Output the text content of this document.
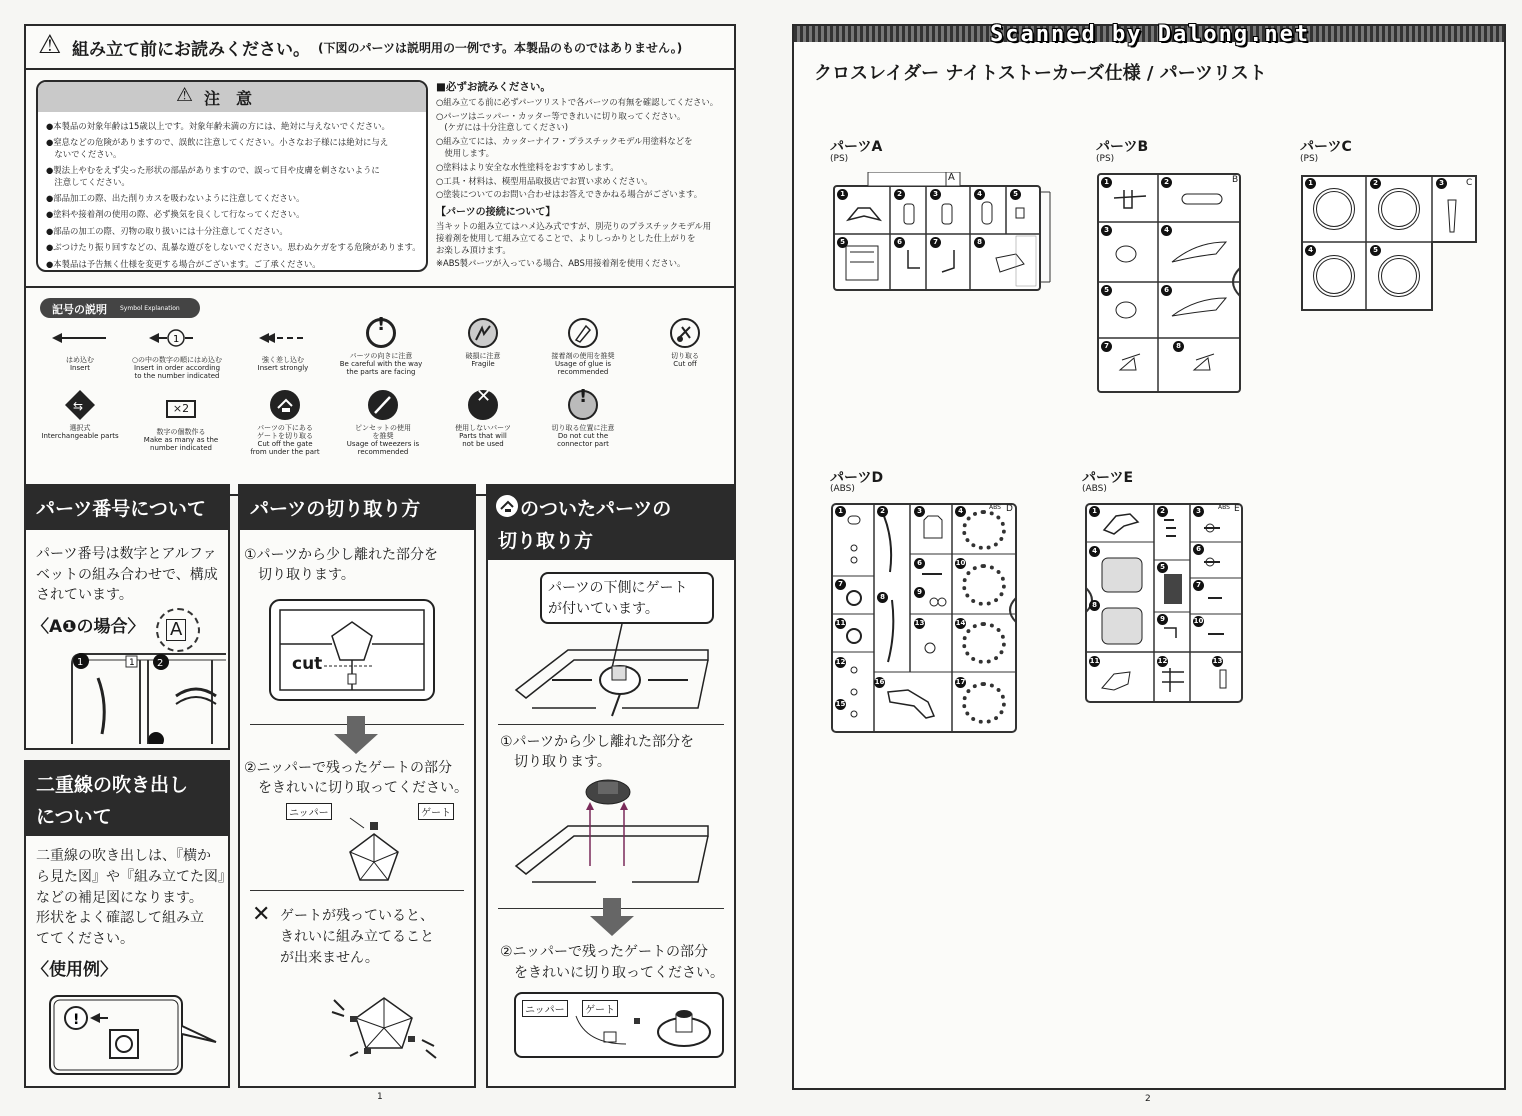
⚠ 組み立て前にお読みください。 (下図のパーツは説明用の一例です。本製品のものではありません。)
⚠ 注　意
●本製品の対象年齢は15歳以上です。対象年齢未満の方には、絶対に与えないでください。
●窒息などの危険がありますので、誤飲に注意してください。小さなお子様には絶対に与え
　ないでください。
●製法上やむをえず尖った形状の部品がありますので、誤って目や皮膚を刺さないように
　注意してください。
●部品加工の際、出た削りカスを吸わないように注意してください。
●塗料や接着剤の使用の際、必ず換気を良くして行なってください。
●部品の加工の際、刃物の取り扱いには十分注意してください。
●ぶつけたり振り回すなどの、乱暴な遊びをしないでください。思わぬケガをする危険があります。
●本製品は予告無く仕様を変更する場合がございます。ご了承ください。
■必ずお読みください。
○組み立てる前に必ずパーツリストで各パーツの有無を確認してください。
○パーツはニッパー・カッター等できれいに切り取ってください。
　(ケガには十分注意してください)
○組み立てには、カッターナイフ・プラスチックモデル用塗料などを
　使用します。
○塗料はより安全な水性塗料をおすすめします。
○工具・材料は、模型用品取扱店でお買い求めください。
○塗装についてのお問い合わせはお答えできかねる場合がございます。
【パーツの接続について】
当キットの組み立てはハメ込み式ですが、別売りのプラスチックモデル用
接着剤を使用して組み立てることで、よりしっかりとした仕上がりを
お楽しみ頂けます。
※ABS製パーツが入っている場合、ABS用接着剤を使用ください。
記号の説明 Symbol Explanation
はめ込む
Insert
1
○の中の数字の順にはめ込む
Insert in order according to the number indicated
強く差し込む
Insert strongly
!
パーツの向きに注意
Be careful with the way the parts are facing
破損に注意
Fragile
接着剤の使用を推奨
Usage of glue is recommended
切り取る
Cut off
⇆
選択式
Interchangeable parts
×2
数字の個数作る
Make as many as the number indicated
パーツの下にあるゲートを切り取る
Cut off the gate from under the part
ピンセットの使用を推奨
Usage of tweezers is recommended
✕
使用しないパーツ
Parts that will not be used
!
切り取る位置に注意
Do not cut the connector part
パーツ番号について
パーツ番号は数字とアルファ
ベットの組み合わせで、構成
されています。
〈A❶の場合〉 A
1	1 2
二重線の吹き出し
について
二重線の吹き出しは、『横か
ら見た図』や『組み立てた図』
などの補足図になります。
形状をよく確認して組み立
ててください。
〈使用例〉
!
パーツの切り取り方
①パーツから少し離れた部分を
　切り取ります。
cut
②ニッパーで残ったゲートの部分
　をきれいに切り取ってください。
ニッパー	ゲート
✕ ゲートが残っていると、
きれいに組み立てること
が出来ません。
のついたパーツの
切り取り方
パーツの下側にゲート
が付いています。
①パーツから少し離れた部分を
　切り取ります。
②ニッパーで残ったゲートの部分
　をきれいに切り取ってください。
ニッパー	ゲート
1
Scanned by Dalong.net
クロスレイダー ナイトストーカーズ仕様 / パーツリスト
パーツA
(PS)
1	2	3	4	5
5	6	7	8
A
パーツB
(PS)
1	2
3	4
5	6
7	8
B
パーツC
(PS)
1	2	3
4	5
C
パーツD
(ABS)
1	2	3	4
7
8
6
9
10
11	13	14
12
15
16	17
D
ABS
パーツE
(ABS)
1	2	3
4
5
6
7
8
9	10
11	12	13
E
ABS
2
